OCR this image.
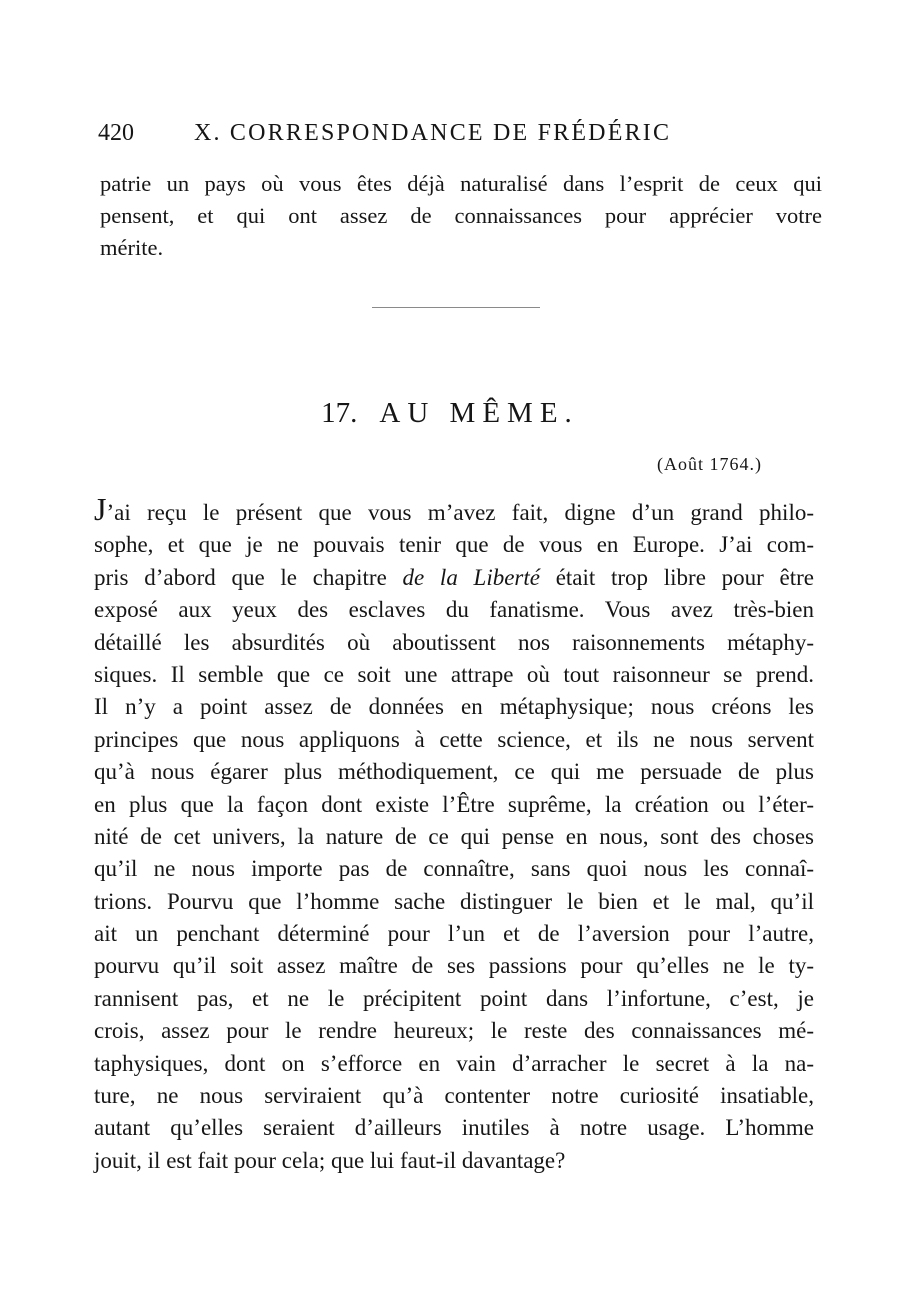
420	X. CORRESPONDANCE DE FRÉDÉRIC
patrie un pays où vous êtes déjà naturalisé dans l’esprit de ceux qui
pensent, et qui ont assez de connaissances pour apprécier votre
mérite.
17. AU MÊME.
(Août 1764.)
J’ai reçu le présent que vous m’avez fait, digne d’un grand philo-
sophe, et que je ne pouvais tenir que de vous en Europe. J’ai com-
pris d’abord que le chapitre de la Liberté était trop libre pour être
exposé aux yeux des esclaves du fanatisme. Vous avez très-bien
détaillé les absurdités où aboutissent nos raisonnements métaphy-
siques. Il semble que ce soit une attrape où tout raisonneur se prend.
Il n’y a point assez de données en métaphysique; nous créons les
principes que nous appliquons à cette science, et ils ne nous servent
qu’à nous égarer plus méthodiquement, ce qui me persuade de plus
en plus que la façon dont existe l’Être suprême, la création ou l’éter-
nité de cet univers, la nature de ce qui pense en nous, sont des choses
qu’il ne nous importe pas de connaître, sans quoi nous les connaî-
trions. Pourvu que l’homme sache distinguer le bien et le mal, qu’il
ait un penchant déterminé pour l’un et de l’aversion pour l’autre,
pourvu qu’il soit assez maître de ses passions pour qu’elles ne le ty-
rannisent pas, et ne le précipitent point dans l’infortune, c’est, je
crois, assez pour le rendre heureux; le reste des connaissances mé-
taphysiques, dont on s’efforce en vain d’arracher le secret à la na-
ture, ne nous serviraient qu’à contenter notre curiosité insatiable,
autant qu’elles seraient d’ailleurs inutiles à notre usage. L’homme
jouit, il est fait pour cela; que lui faut-il davantage?
